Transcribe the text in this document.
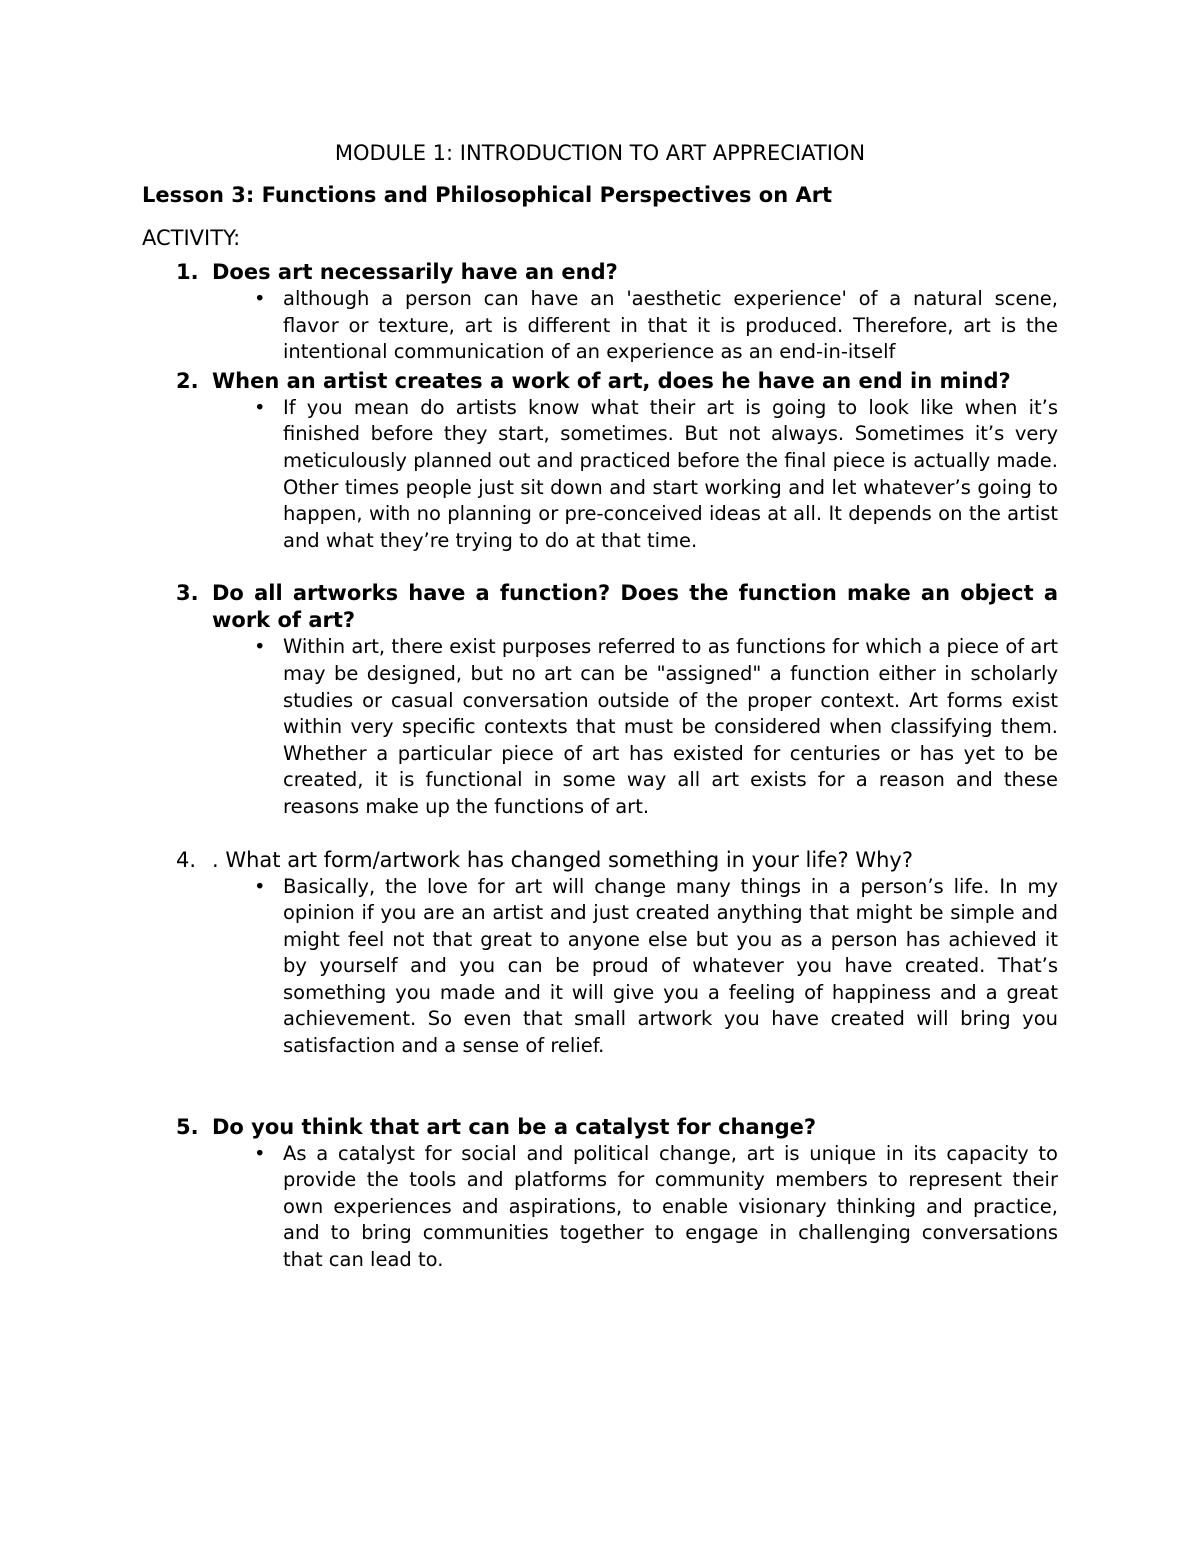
MODULE 1: INTRODUCTION TO ART APPRECIATION
Lesson 3: Functions and Philosophical Perspectives on Art
ACTIVITY:
1. Does art necessarily have an end?
• although a person can have an 'aesthetic experience' of a natural scene, flavor or texture, art is different in that it is produced. Therefore, art is the intentional communication of an experience as an end-in-itself
2. When an artist creates a work of art, does he have an end in mind?
• If you mean do artists know what their art is going to look like when it’s finished before they start, sometimes. But not always. Sometimes it’s very meticulously planned out and practiced before the final piece is actually made. Other times people just sit down and start working and let whatever’s going to happen, with no planning or pre-conceived ideas at all. It depends on the artist and what they’re trying to do at that time.
3. Do all artworks have a function? Does the function make an object a work of art?
• Within art, there exist purposes referred to as functions for which a piece of art may be designed, but no art can be "assigned" a function either in scholarly studies or casual conversation outside of the proper context. Art forms exist within very specific contexts that must be considered when classifying them. Whether a particular piece of art has existed for centuries or has yet to be created, it is functional in some way all art exists for a reason and these reasons make up the functions of art.
4. . What art form/artwork has changed something in your life? Why?
• Basically, the love for art will change many things in a person’s life. In my opinion if you are an artist and just created anything that might be simple and might feel not that great to anyone else but you as a person has achieved it by yourself and you can be proud of whatever you have created. That’s something you made and it will give you a feeling of happiness and a great achievement. So even that small artwork you have created will bring you satisfaction and a sense of relief.
5. Do you think that art can be a catalyst for change?
• As a catalyst for social and political change, art is unique in its capacity to provide the tools and platforms for community members to represent their own experiences and aspirations, to enable visionary thinking and practice, and to bring communities together to engage in challenging conversations that can lead to.
